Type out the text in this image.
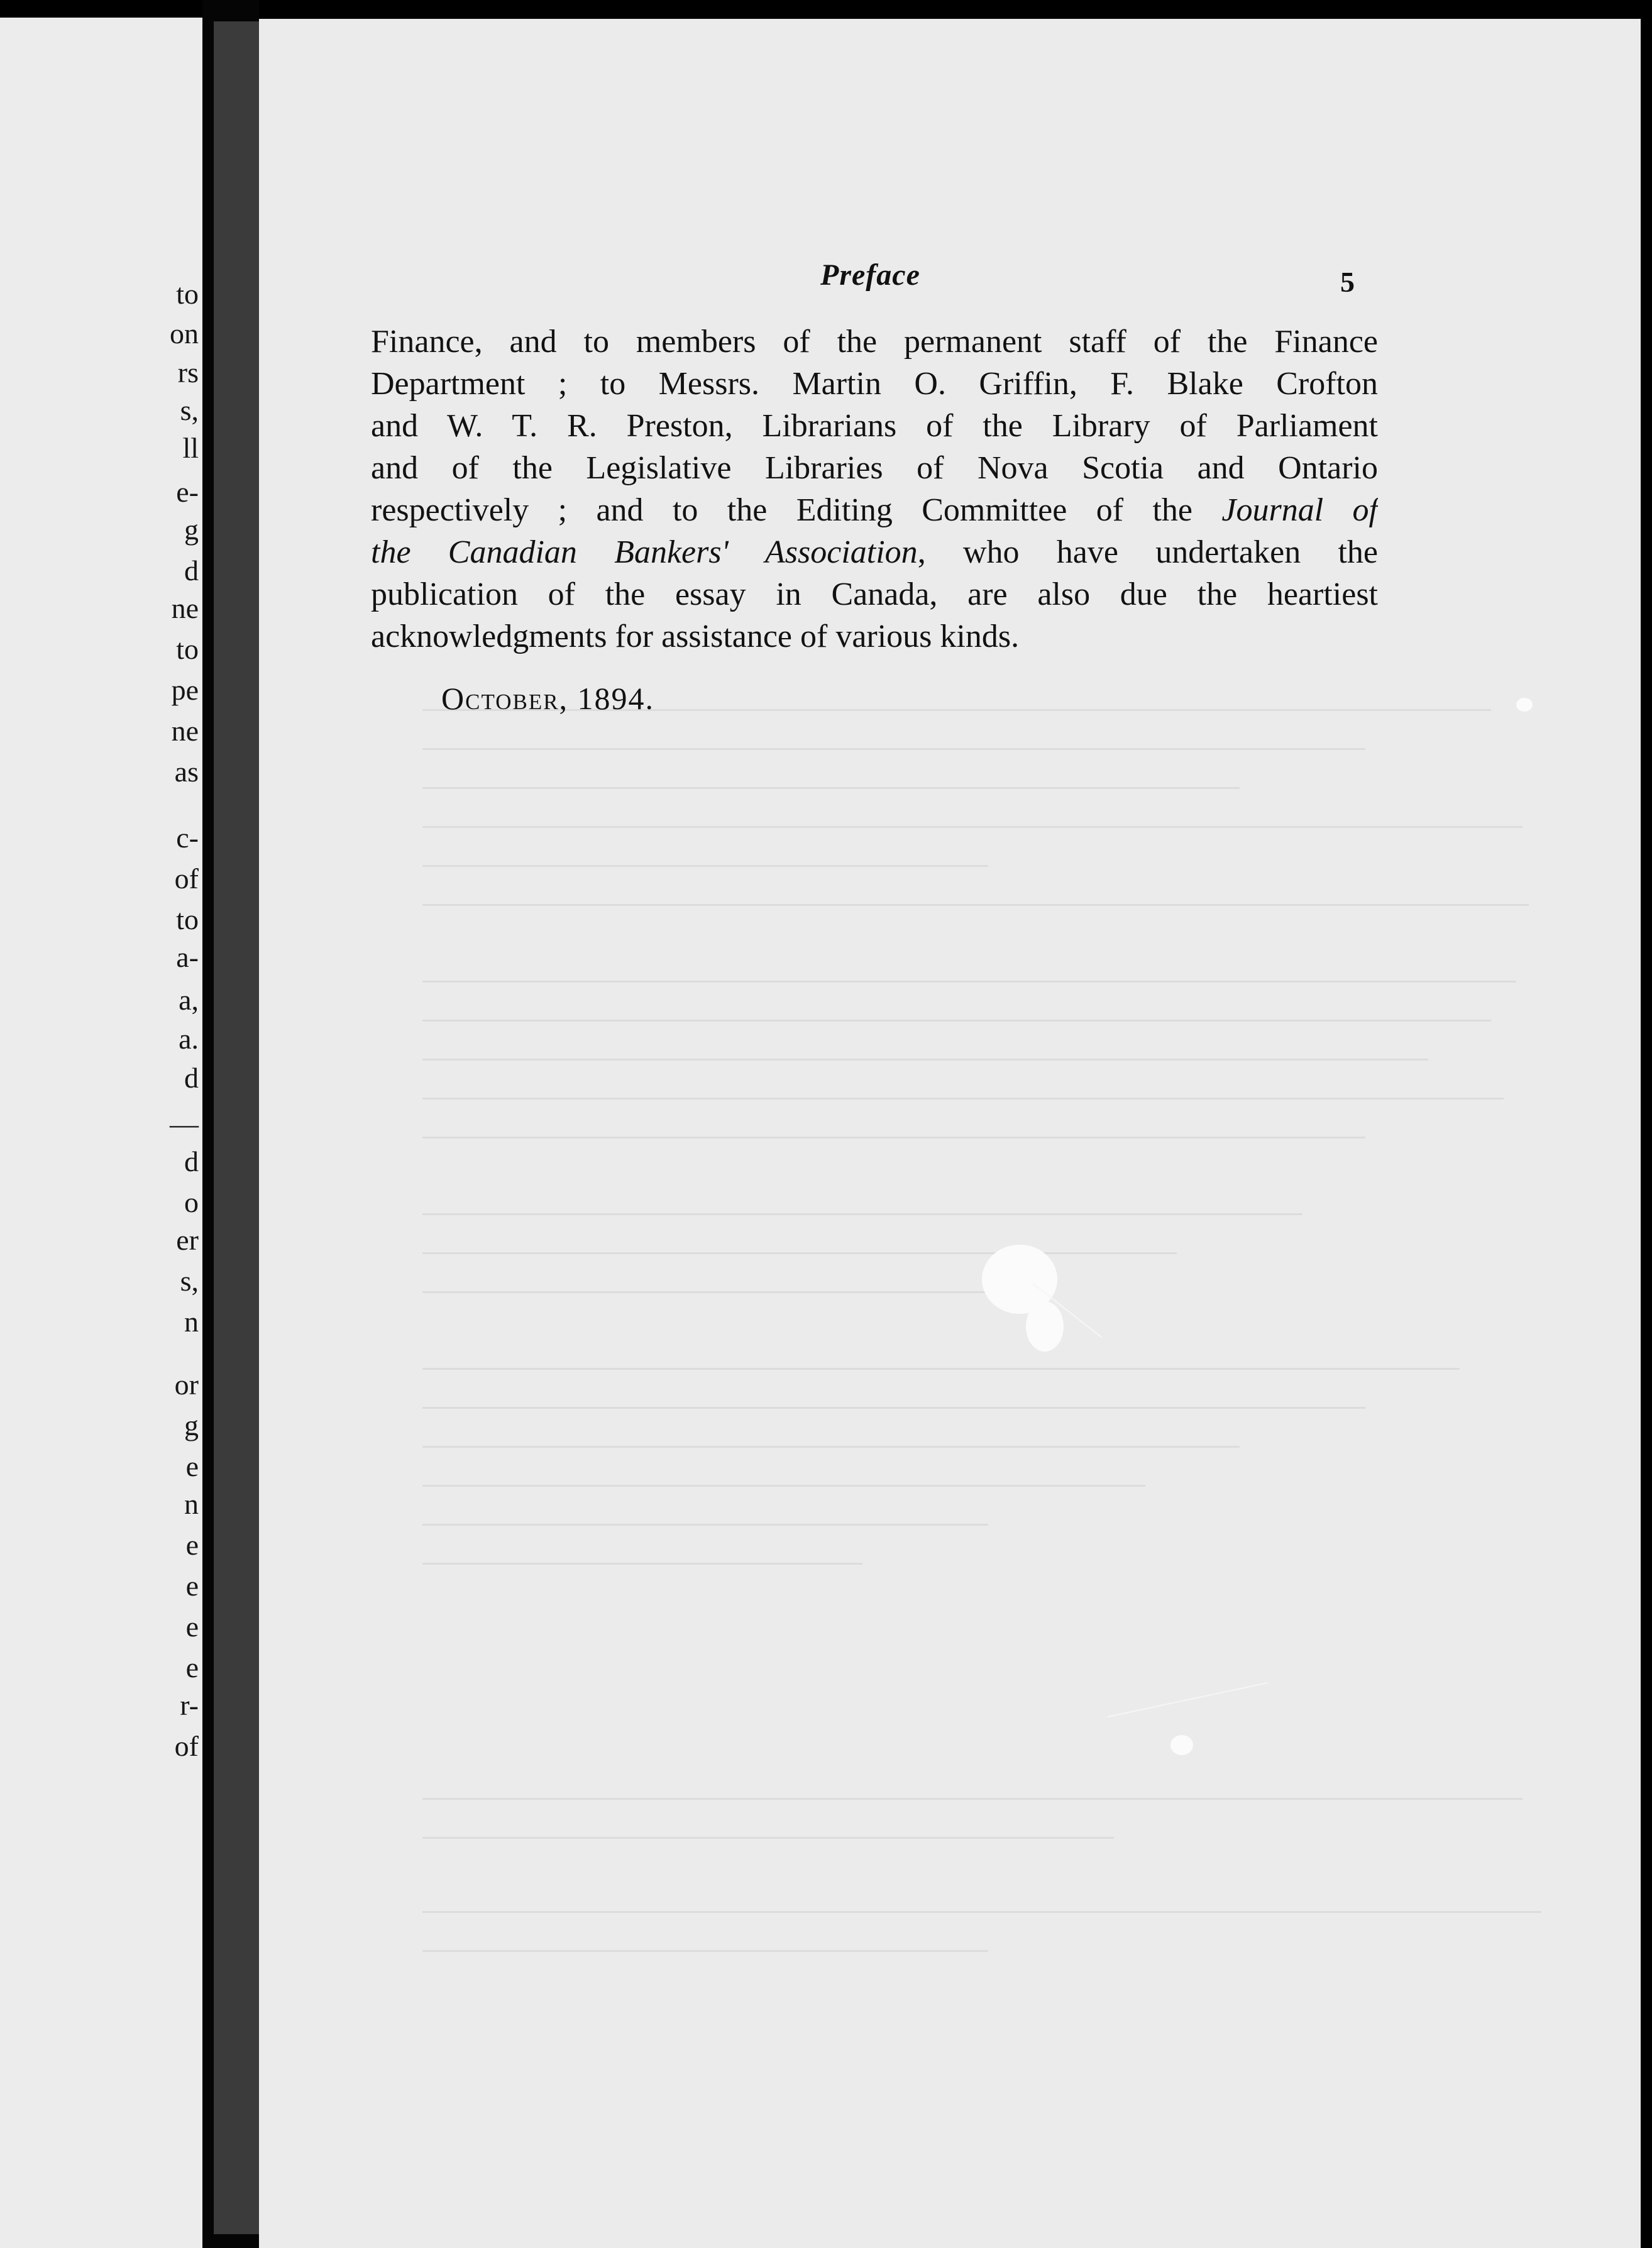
to
on
rs
s,
ll
e-
g
d
ne
to
pe
ne
as
c-
of
to
a-
a,
a.
d
—
d
o
er
s,
n
or
g
e
n
e
e
e
e
r-
of
Preface	5
Finance, and to members of the permanent staff of the Finance
Department ; to Messrs. Martin O. Griffin, F. Blake Crofton
and W. T. R. Preston, Librarians of the Library of Parliament
and of the Legislative Libraries of Nova Scotia and Ontario
respectively ; and to the Editing Committee of the Journal of
the Canadian Bankers' Association, who have undertaken the
publication of the essay in Canada, are also due the heartiest
acknowledgments for assistance of various kinds.
October, 1894.
